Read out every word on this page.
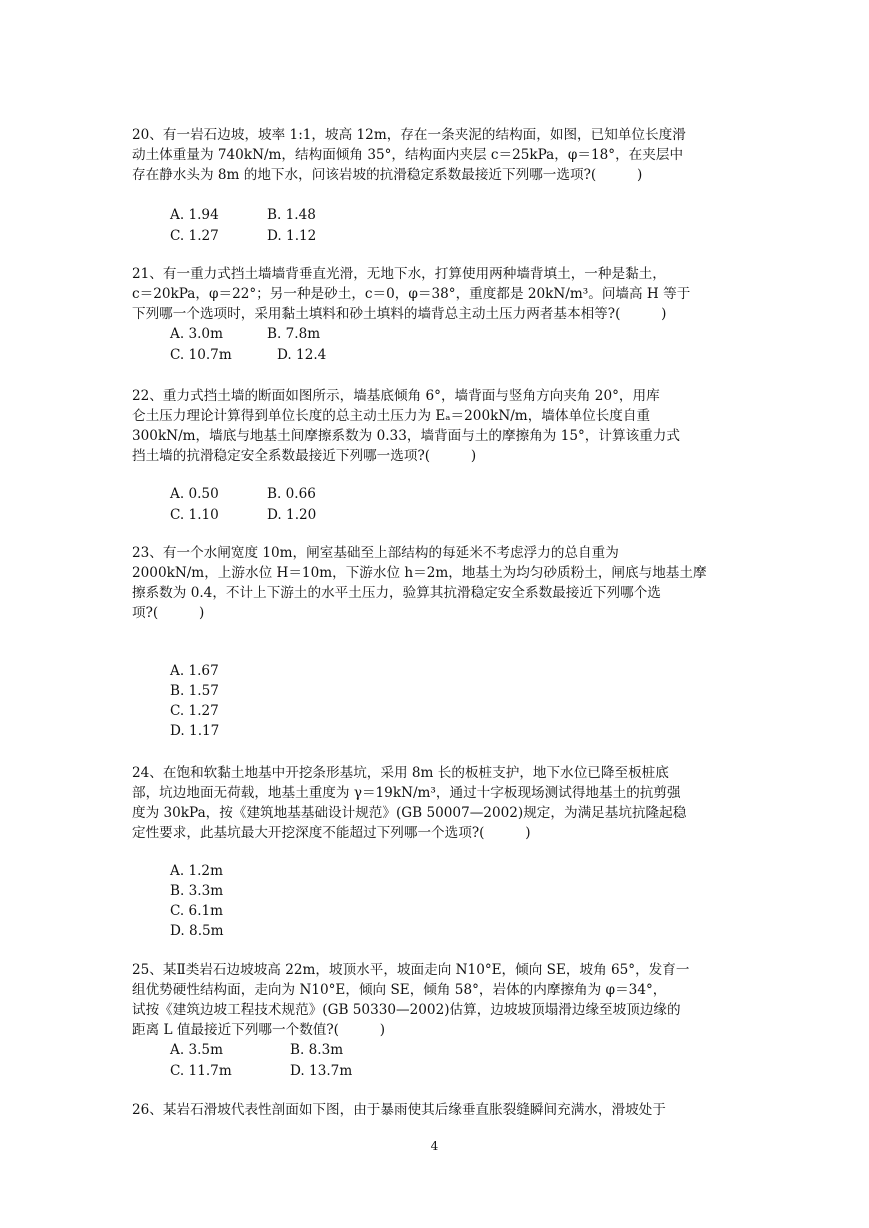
20、有一岩石边坡，坡率 1:1，坡高 12m，存在一条夹泥的结构面，如图，已知单位长度滑
动土体重量为 740kN/m，结构面倾角 35°，结构面内夹层 c＝25kPa，φ＝18°，在夹层中
存在静水头为 8m 的地下水，问该岩坡的抗滑稳定系数最接近下列哪一选项?(　　　)
A. 1.94	B. 1.48
C. 1.27	D. 1.12
21、有一重力式挡土墙墙背垂直光滑，无地下水，打算使用两种墙背填土，一种是黏土，
c＝20kPa，φ＝22°；另一种是砂土，c＝0，φ＝38°，重度都是 20kN/m³。问墙高 H 等于
下列哪一个选项时，采用黏土填料和砂土填料的墙背总主动土压力两者基本相等?(　　　)
A. 3.0m	B. 7.8m
C. 10.7m	D. 12.4
22、重力式挡土墙的断面如图所示，墙基底倾角 6°，墙背面与竖角方向夹角 20°，用库
仑土压力理论计算得到单位长度的总主动土压力为 Eₐ＝200kN/m，墙体单位长度自重
300kN/m，墙底与地基土间摩擦系数为 0.33，墙背面与土的摩擦角为 15°，计算该重力式
挡土墙的抗滑稳定安全系数最接近下列哪一选项?(　　　)
A. 0.50	B. 0.66
C. 1.10	D. 1.20
23、有一个水闸宽度 10m，闸室基础至上部结构的每延米不考虑浮力的总自重为
2000kN/m，上游水位 H＝10m，下游水位 h＝2m，地基土为均匀砂质粉土，闸底与地基土摩
擦系数为 0.4，不计上下游土的水平土压力，验算其抗滑稳定安全系数最接近下列哪个选
项?(　　　)
A. 1.67
B. 1.57
C. 1.27
D. 1.17
24、在饱和软黏土地基中开挖条形基坑，采用 8m 长的板桩支护，地下水位已降至板桩底
部，坑边地面无荷载，地基土重度为 γ＝19kN/m³，通过十字板现场测试得地基土的抗剪强
度为 30kPa，按《建筑地基基础设计规范》(GB 50007—2002)规定，为满足基坑抗隆起稳
定性要求，此基坑最大开挖深度不能超过下列哪一个选项?(　　　)
A. 1.2m
B. 3.3m
C. 6.1m
D. 8.5m
25、某Ⅱ类岩石边坡坡高 22m，坡顶水平，坡面走向 N10°E，倾向 SE，坡角 65°，发育一
组优势硬性结构面，走向为 N10°E，倾向 SE，倾角 58°，岩体的内摩擦角为 φ＝34°，
试按《建筑边坡工程技术规范》(GB 50330—2002)估算，边坡坡顶塌滑边缘至坡顶边缘的
距离 L 值最接近下列哪一个数值?(　　　)
A. 3.5m	B. 8.3m
C. 11.7m	D. 13.7m
26、某岩石滑坡代表性剖面如下图，由于暴雨使其后缘垂直胀裂缝瞬间充满水，滑坡处于
4
